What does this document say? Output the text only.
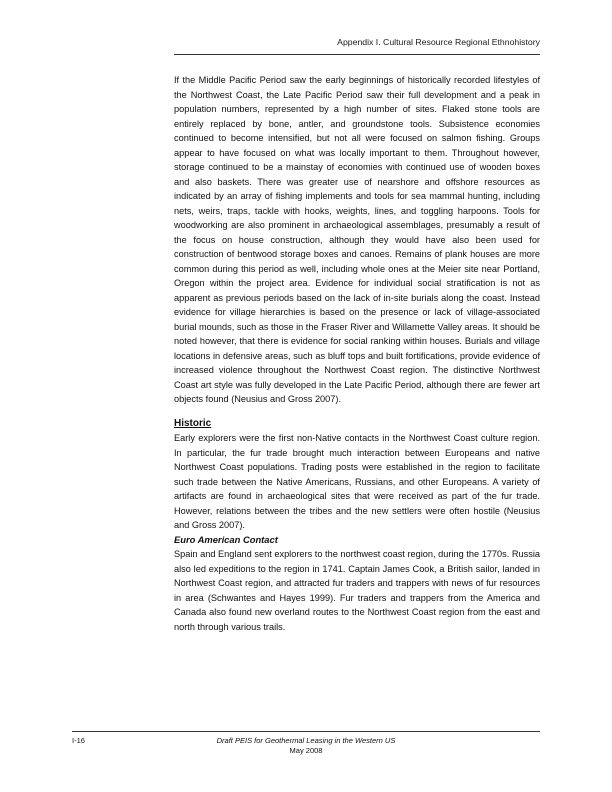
Appendix I. Cultural Resource Regional Ethnohistory

If the Middle Pacific Period saw the early beginnings of historically recorded lifestyles of the Northwest Coast, the Late Pacific Period saw their full development and a peak in population numbers, represented by a high number of sites. Flaked stone tools are entirely replaced by bone, antler, and groundstone tools. Subsistence economies continued to become intensified, but not all were focused on salmon fishing. Groups appear to have focused on what was locally important to them. Throughout however, storage continued to be a mainstay of economies with continued use of wooden boxes and also baskets. There was greater use of nearshore and offshore resources as indicated by an array of fishing implements and tools for sea mammal hunting, including nets, weirs, traps, tackle with hooks, weights, lines, and toggling harpoons. Tools for woodworking are also prominent in archaeological assemblages, presumably a result of the focus on house construction, although they would have also been used for construction of bentwood storage boxes and canoes. Remains of plank houses are more common during this period as well, including whole ones at the Meier site near Portland, Oregon within the project area. Evidence for individual social stratification is not as apparent as previous periods based on the lack of in-site burials along the coast. Instead evidence for village hierarchies is based on the presence or lack of village-associated burial mounds, such as those in the Fraser River and Willamette Valley areas. It should be noted however, that there is evidence for social ranking within houses. Burials and village locations in defensive areas, such as bluff tops and built fortifications, provide evidence of increased violence throughout the Northwest Coast region. The distinctive Northwest Coast art style was fully developed in the Late Pacific Period, although there are fewer art objects found (Neusius and Gross 2007).

Historic

Early explorers were the first non-Native contacts in the Northwest Coast culture region. In particular, the fur trade brought much interaction between Europeans and native Northwest Coast populations. Trading posts were established in the region to facilitate such trade between the Native Americans, Russians, and other Europeans. A variety of artifacts are found in archaeological sites that were received as part of the fur trade. However, relations between the tribes and the new settlers were often hostile (Neusius and Gross 2007).

Euro American Contact

Spain and England sent explorers to the northwest coast region, during the 1770s. Russia also led expeditions to the region in 1741. Captain James Cook, a British sailor, landed in Northwest Coast region, and attracted fur traders and trappers with news of fur resources in area (Schwantes and Hayes 1999). Fur traders and trappers from the America and Canada also found new overland routes to the Northwest Coast region from the east and north through various trails.

I-16	Draft PEIS for Geothermal Leasing in the Western US
May 2008
